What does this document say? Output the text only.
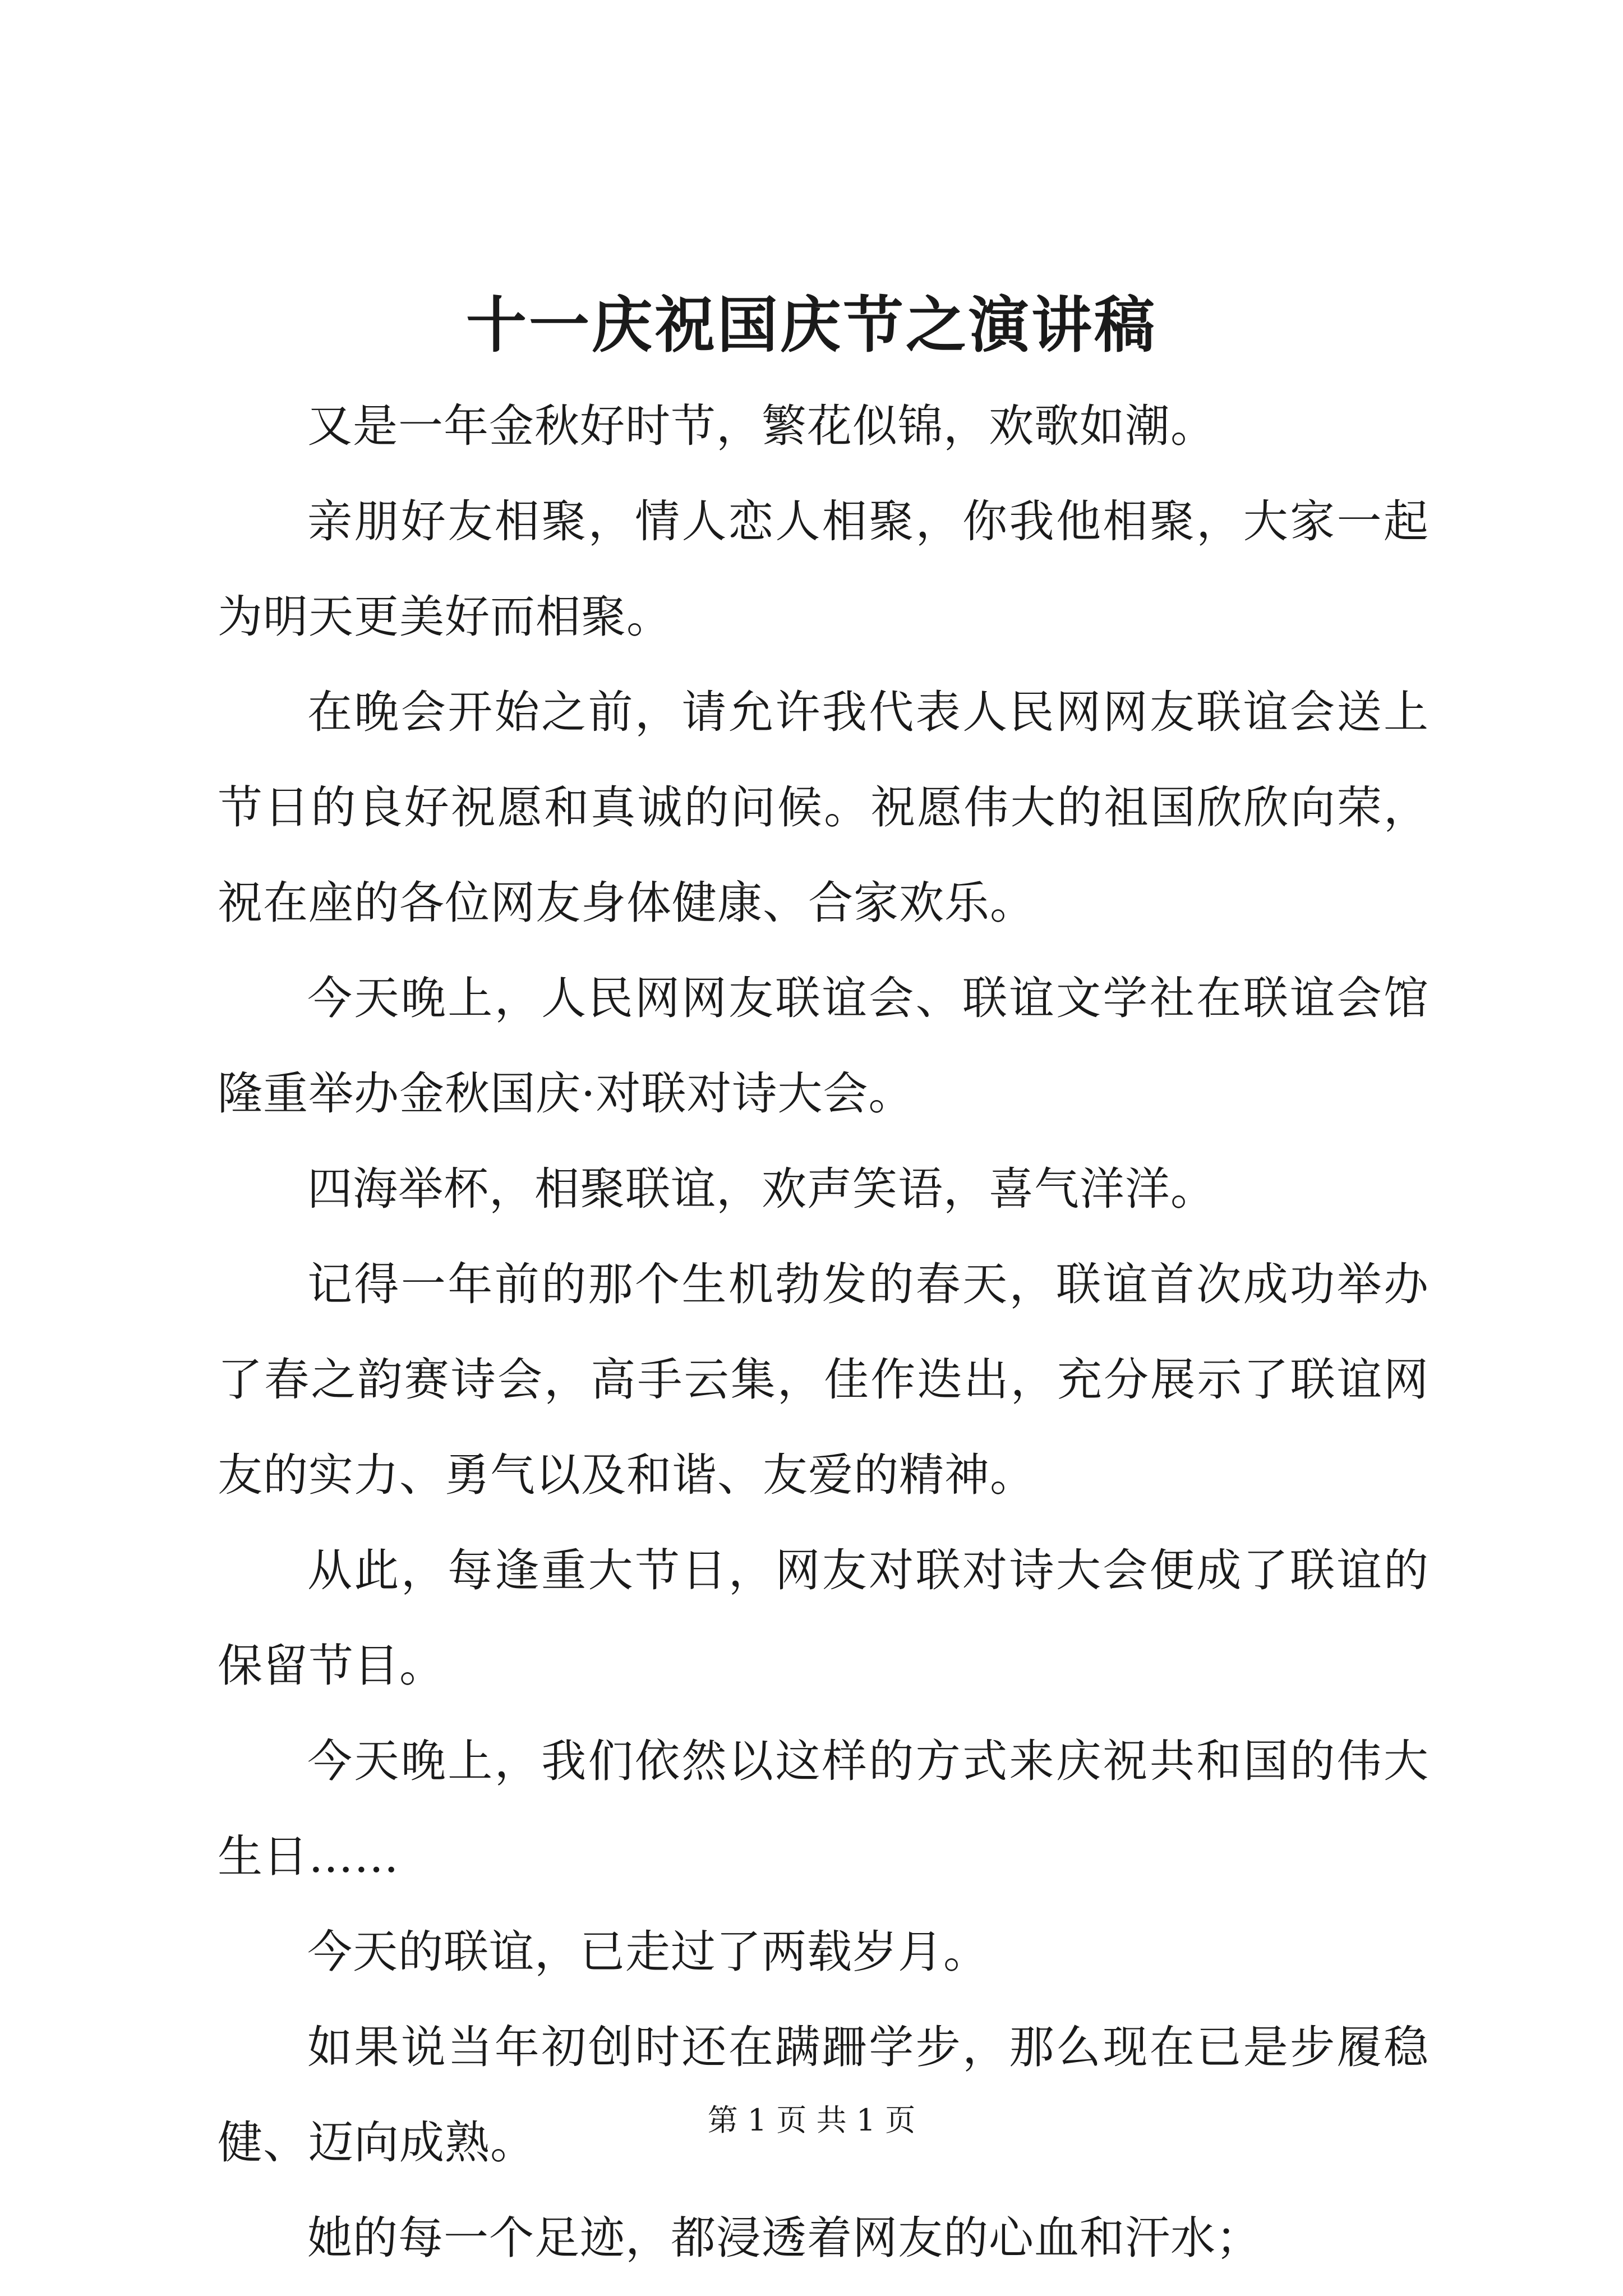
十一庆祝国庆节之演讲稿

又是一年金秋好时节，繁花似锦，欢歌如潮。

亲朋好友相聚，情人恋人相聚，你我他相聚，大家一起为明天更美好而相聚。

在晚会开始之前，请允许我代表人民网网友联谊会送上节日的良好祝愿和真诚的问候。祝愿伟大的祖国欣欣向荣，祝在座的各位网友身体健康、合家欢乐。

今天晚上，人民网网友联谊会、联谊文学社在联谊会馆隆重举办金秋国庆·对联对诗大会。

四海举杯，相聚联谊，欢声笑语，喜气洋洋。

记得一年前的那个生机勃发的春天，联谊首次成功举办了春之韵赛诗会，高手云集，佳作迭出，充分展示了联谊网友的实力、勇气以及和谐、友爱的精神。

从此，每逢重大节日，网友对联对诗大会便成了联谊的保留节目。

今天晚上，我们依然以这样的方式来庆祝共和国的伟大生日……

今天的联谊，已走过了两载岁月。

如果说当年初创时还在蹒跚学步，那么现在已是步履稳健、迈向成熟。

她的每一个足迹，都浸透着网友的心血和汗水；

第 1 页 共 1 页
